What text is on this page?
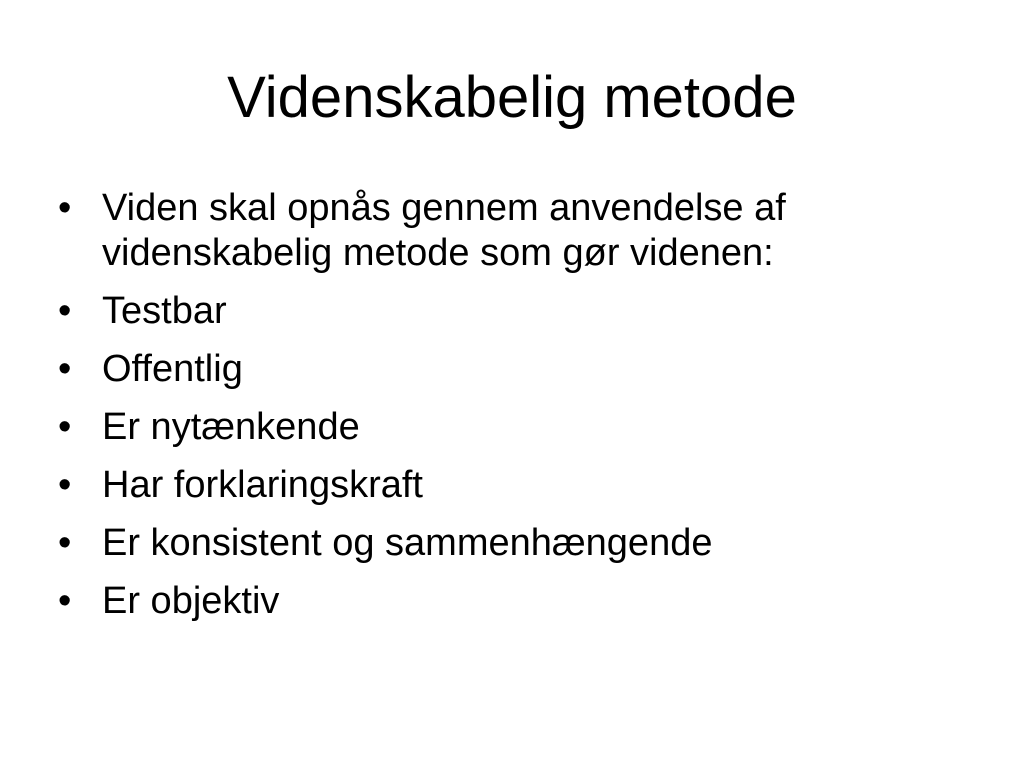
Videnskabelig metode
• Viden skal opnås gennem anvendelse af videnskabelig metode som gør videnen:
• Testbar
• Offentlig
• Er nytænkende
• Har forklaringskraft
• Er konsistent og sammenhængende
• Er objektiv
